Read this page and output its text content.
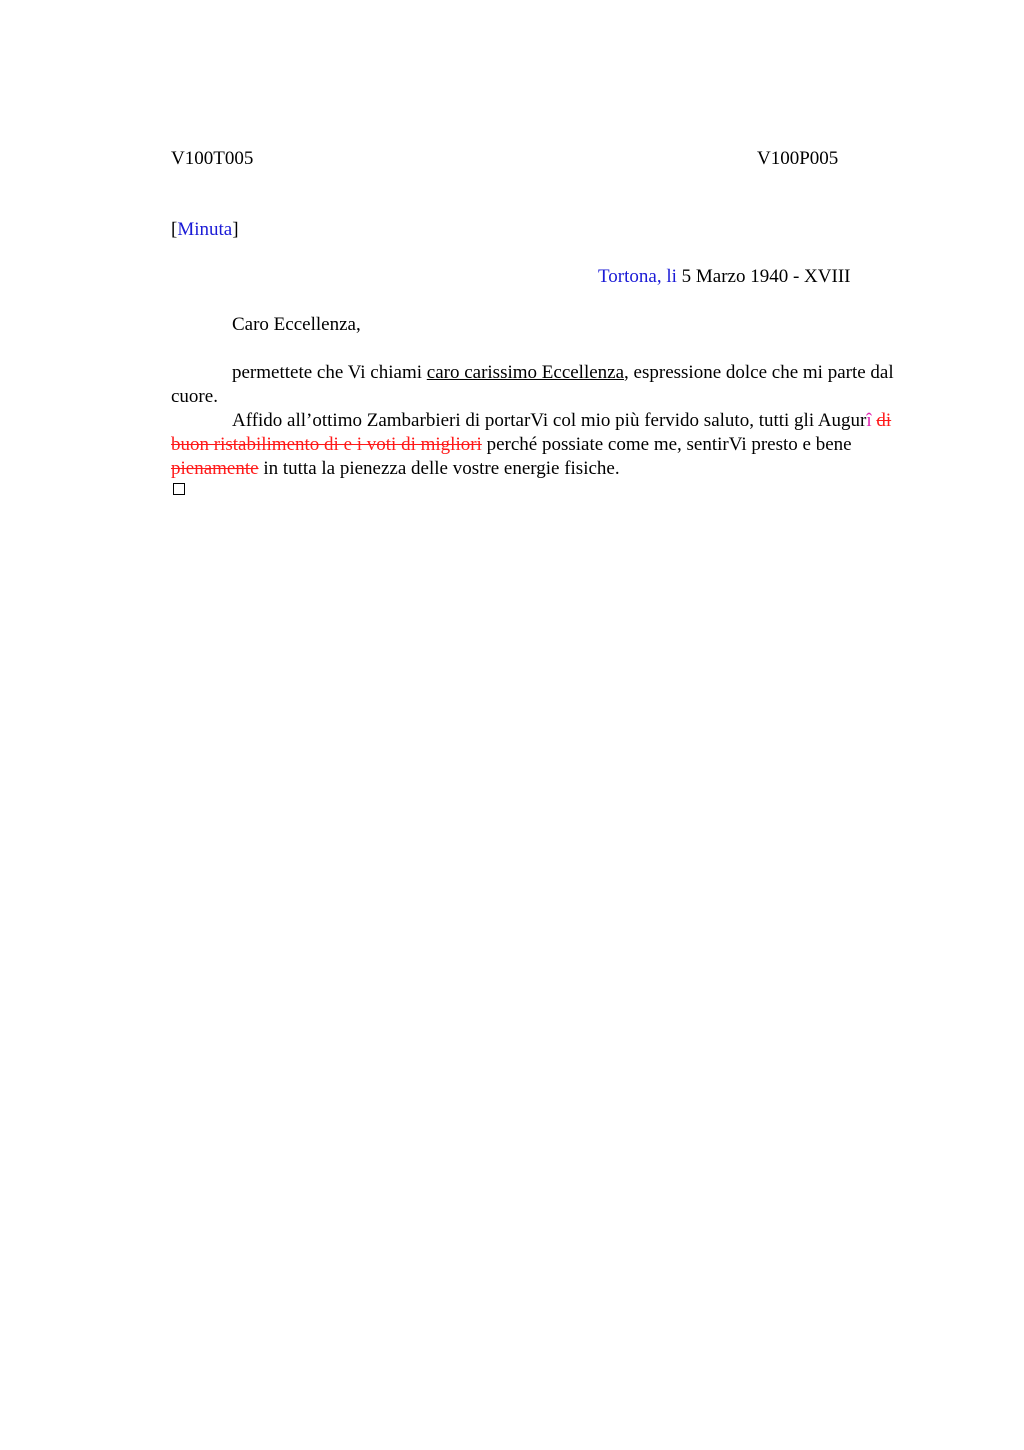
V100T005	V100P005
[Minuta]
Tortona, li 5 Marzo 1940 - XVIII
Caro Eccellenza,

permettete che Vi chiami caro carissimo Eccellenza, espressione dolce che mi parte dal cuore.

Affido all’ottimo Zambarbieri di portarVi col mio più fervido saluto, tutti gli Augurî di buon ristabilimento di e i voti di migliori perché possiate come me, sentirVi presto e bene pienamente in tutta la pienezza delle vostre energie fisiche.
